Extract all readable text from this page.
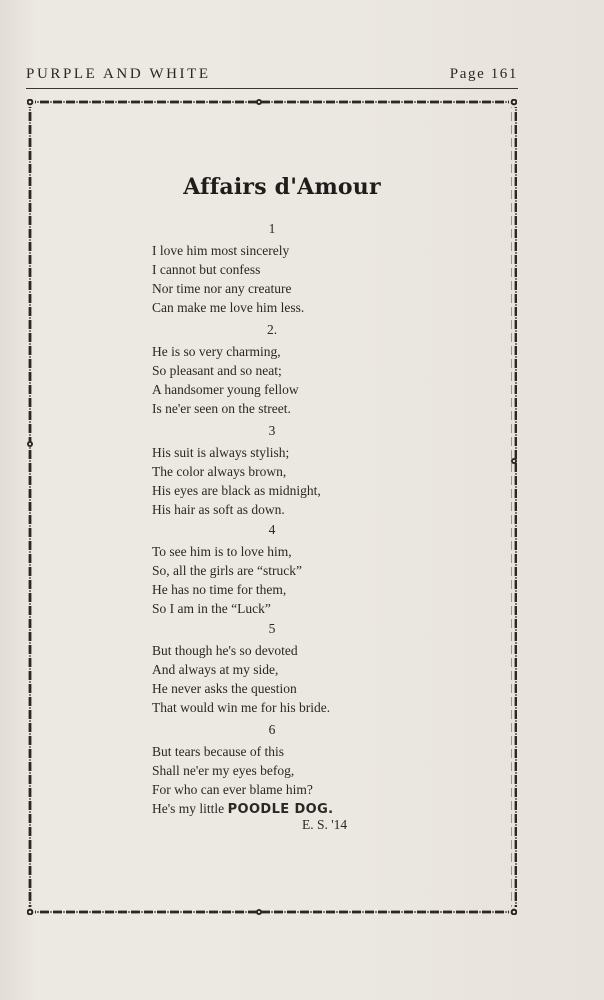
PURPLE AND WHITE	Page 161
Affairs d'Amour
1
I love him most sincerely
I cannot but confess
Nor time nor any creature
Can make me love him less.
2.
He is so very charming,
So pleasant and so neat;
A handsomer young fellow
Is ne'er seen on the street.
3
His suit is always stylish;
The color always brown,
His eyes are black as midnight,
His hair as soft as down.
4
To see him is to love him,
So, all the girls are “struck”
He has no time for them,
So I am in the “Luck”
5
But though he's so devoted
And always at my side,
He never asks the question
That would win me for his bride.
6
But tears because of this
Shall ne'er my eyes befog,
For who can ever blame him?
He's my little POODLE DOG.
E. S. '14
